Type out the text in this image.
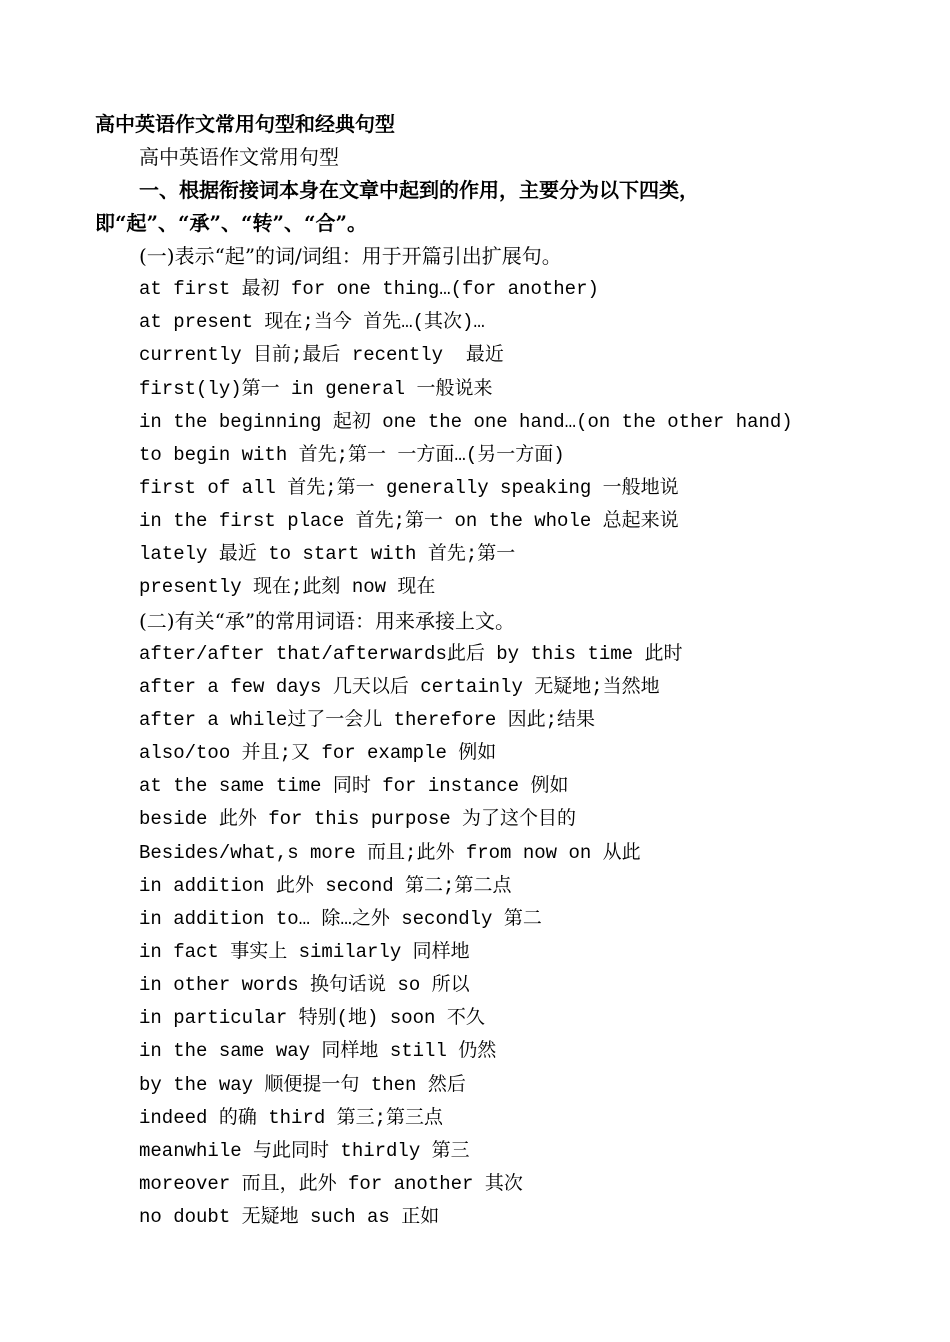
高中英语作文常用句型和经典句型
高中英语作文常用句型

一、根据衔接词本身在文章中起到的作用，主要分为以下四类，即“起”、“承”、“转”、“合”。

(一)表示“起”的词/词组：用于开篇引出扩展句。
at first 最初 for one thing…(for another)
at present 现在;当今 首先…(其次)…
currently 目前;最后 recently  最近
first(ly)第一 in general 一般说来
in the beginning 起初 one the one hand…(on the other hand)
to begin with 首先;第一 一方面…(另一方面)
first of all 首先;第一 generally speaking 一般地说
in the first place 首先;第一 on the whole 总起来说
lately 最近 to start with 首先;第一
presently 现在;此刻 now 现在
(二)有关“承”的常用词语：用来承接上文。
after/after that/afterwards此后 by this time 此时
after a few days 几天以后 certainly 无疑地;当然地
after a while过了一会儿 therefore 因此;结果
also/too 并且;又 for example 例如
at the same time 同时 for instance 例如
beside 此外 for this purpose 为了这个目的
Besides/what,s more 而且;此外 from now on 从此
in addition 此外 second 第二;第二点
in addition to… 除…之外 secondly 第二
in fact 事实上 similarly 同样地
in other words 换句话说 so 所以
in particular 特别(地) soon 不久
in the same way 同样地 still 仍然
by the way 顺便提一句 then 然后
indeed 的确 third 第三;第三点
meanwhile 与此同时 thirdly 第三
moreover 而且，此外 for another 其次
no doubt 无疑地 such as 正如
